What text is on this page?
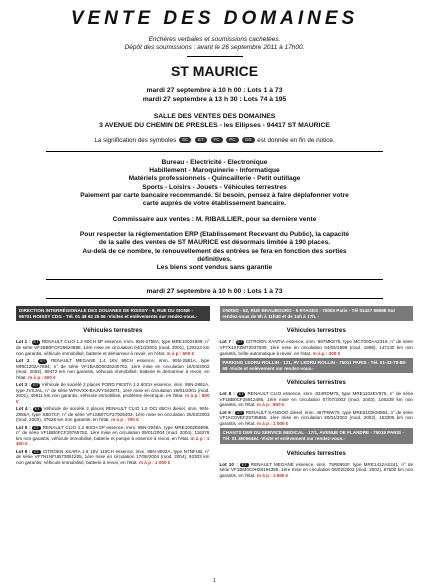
VENTE DES DOMAINES
Enchères verbales et soumissions cachetées.
Dépôt des soumissions : avant le 26 septembre 2011 à 17h00.
ST MAURICE
mardi 27 septembre à 10 h 00 : Lots 1 à 73
mardi 27 septembre à 13 h 30 : Lots 74 à 195
SALLE DES VENTES DES DOMAINES
3 AVENUE DU CHEMIN DE PRESLES - les Ellipses - 94417 ST MAURICE
La signification des symboles SC ET FC PC DS est donnée en fin de notice.
Bureau - Electricité - Electronique
Habillement - Maroquinerie - Informatique
Matériels professionnels - Quincaillerie - Petit outillage
Sports - Loisirs - Jouets - Véhicules terrestres
Paiement par carte bancaire recommandé. Si besoin, pensez à faire déplafonner votre
carte auprès de votre établissement bancaire.
Commissaire aux ventes : M. RIBAILLIER, pour sa dernière vente
Pour respecter la réglementation ERP (Etablissement Recevant du Public), la capacité
de la salle des ventes de ST MAURICE est désormais limitée à 190 places.
Au-delà de ce nombre, le renouvellement des entrées se fera en fonction des sorties
définitives.
Les biens sont vendus sans garantie
mardi 27 septembre à 10 h 00 : Lots 1 à 73
DIRECTION INTERRÉGIONALE DES DOUANES DE ROISSY - 9, RUE DU SIGNE - 95701 ROISSY CDG - Tél. 01 48 62 25 06 -Visites et enlèvements sur rendez-vous.-
Véhicules terrestres
Lot 1 : ET RENAULT CLIO 1.2 60CH 5P essence, imm. 95N-2758A, type MRE10024999, n° de série VF1BB0FCF25624698, 1ère mise en circulation 04/10/2001 (mod. 2001), 120213 km non garantis, véhicule immobilisé, batterie et démarreur à revoir, en l'état. m à p : 500 €
Lot 2 : ET RENAULT MEGANE 1.4 16V 95CH essence, imm. 95N-2881A, type MRE1202A7884, n° de série VF1BA0D0026240792, 1ère mise en circulation 16/04/2002 (mod. 2002), 89472 km non garantis, véhicule immobilisé, batterie et démarreur à revoir, en l'état. m à p : 600 €
Lot 3 : ET Véhicule de société 2 places FORD FIESTA 1.2 60CH essence, imm. 95N-2861A, type JVSJAL, n° de série WF0VXX-BAJVYS62871, 1ère mise en circulation 29/01/2001 (mod. 2001), 40811 km non garantis, véhicule immobilisé, problème électrique, en l'état. m à p : 800 €
Lot 4 : ET Véhicule de société 2 places RENAULT CLIO 1.5 DCI 65CH diesel, imm. 95N-2886A, type SB07CF, n° de série VF1SB07CF27925403, 1ère mise en circulation 25/02/2003 (mod. 2003), 47625 km non garantis, en l'état. m à p : 700 €
Lot 5 : ET RENAULT CLIO 1.2 60CH 5P essence, imm. 95N-2948A, type MRE1002E6998, n° de série VF1BB0FCF29765752, 1ère mise en circulation 09/01/2004 (mod. 2004), 116276 km non garantis, véhicule immobilisé, batterie et pompe à essence à revoir, en l'état. m à p : 1 400 €
Lot 6 : ET CITROEN XSARA 1.6 16V 110CH essence, imm. 95N-3002A, type N7NFUB, n° de série VF7N1NFUB73851205, 1ère mise en circulation 17/06/2004 (mod. 2004), 92303 km non garantis, véhicule immobilisé, batterie à revoir, en l'état. m à p : 1 000 €
DNRED - 62, RUE BEAUBOURG - 5 ETAGES - 75003 Paris - Tél 01427 88688 Sur rendez-vous de 9h à 11h30 et de 14h à 17h. -
Véhicules terrestres
Lot 7 : ET CITROEN XANTIA essence, imm. 987MKE75, type MCT000AA2319, n° de série VF7X1XFZM72037630, 1ère mise en circulation 04/05/1998 (mod. 1998), 147130 km non garantis, boîte automatique à revoir, en l'état. m à p : 300 €
PARKING LEDRU-ROLLIN - 121, AV LEDRU-ROLLIN - 75011 PARIS - Tél. 01-42-78-88-68 -Visite et enlèvement sur rendez-vous.-
Véhicules terrestres
Lot 8 : ET RENAULT CLIO essence, imm. 834RDM75, type MRE1102EV975, n° de série VF1BB0CF26912486, 1ère mise en circulation 07/07/2003 (mod. 2003), 106339 km non garantis, en l'état. m à p : 800 €
Lot 9 : ET RENAULT KANGOO diesel, imm. 467PBW75, type MRE5102KM584, n° de série VF1KC0VEF26735856, 1ère mise en circulation 30/04/2002 (mod. 2002), 153305 km non garantis, en l'état. m à p : 1 000 €
CHANTS DER DU SERVICE MEDICAL - 17/1, AVENUE DE FLANDRE - 75019 PARIS - Tél. 01 46056484 -Visite et enlèvement sur rendez-vous.-
Véhicules terrestres
Lot 10 : ET RENAULT MEGANE essence, imm. 75R699JF, type MRE1412AS241, n° de série VF1BM0C0H28194358, 1ère mise en circulation 06/02/2002 (mod. 2002), 97500 km non garantis, en l'état. m à p : 1 600 €
1
